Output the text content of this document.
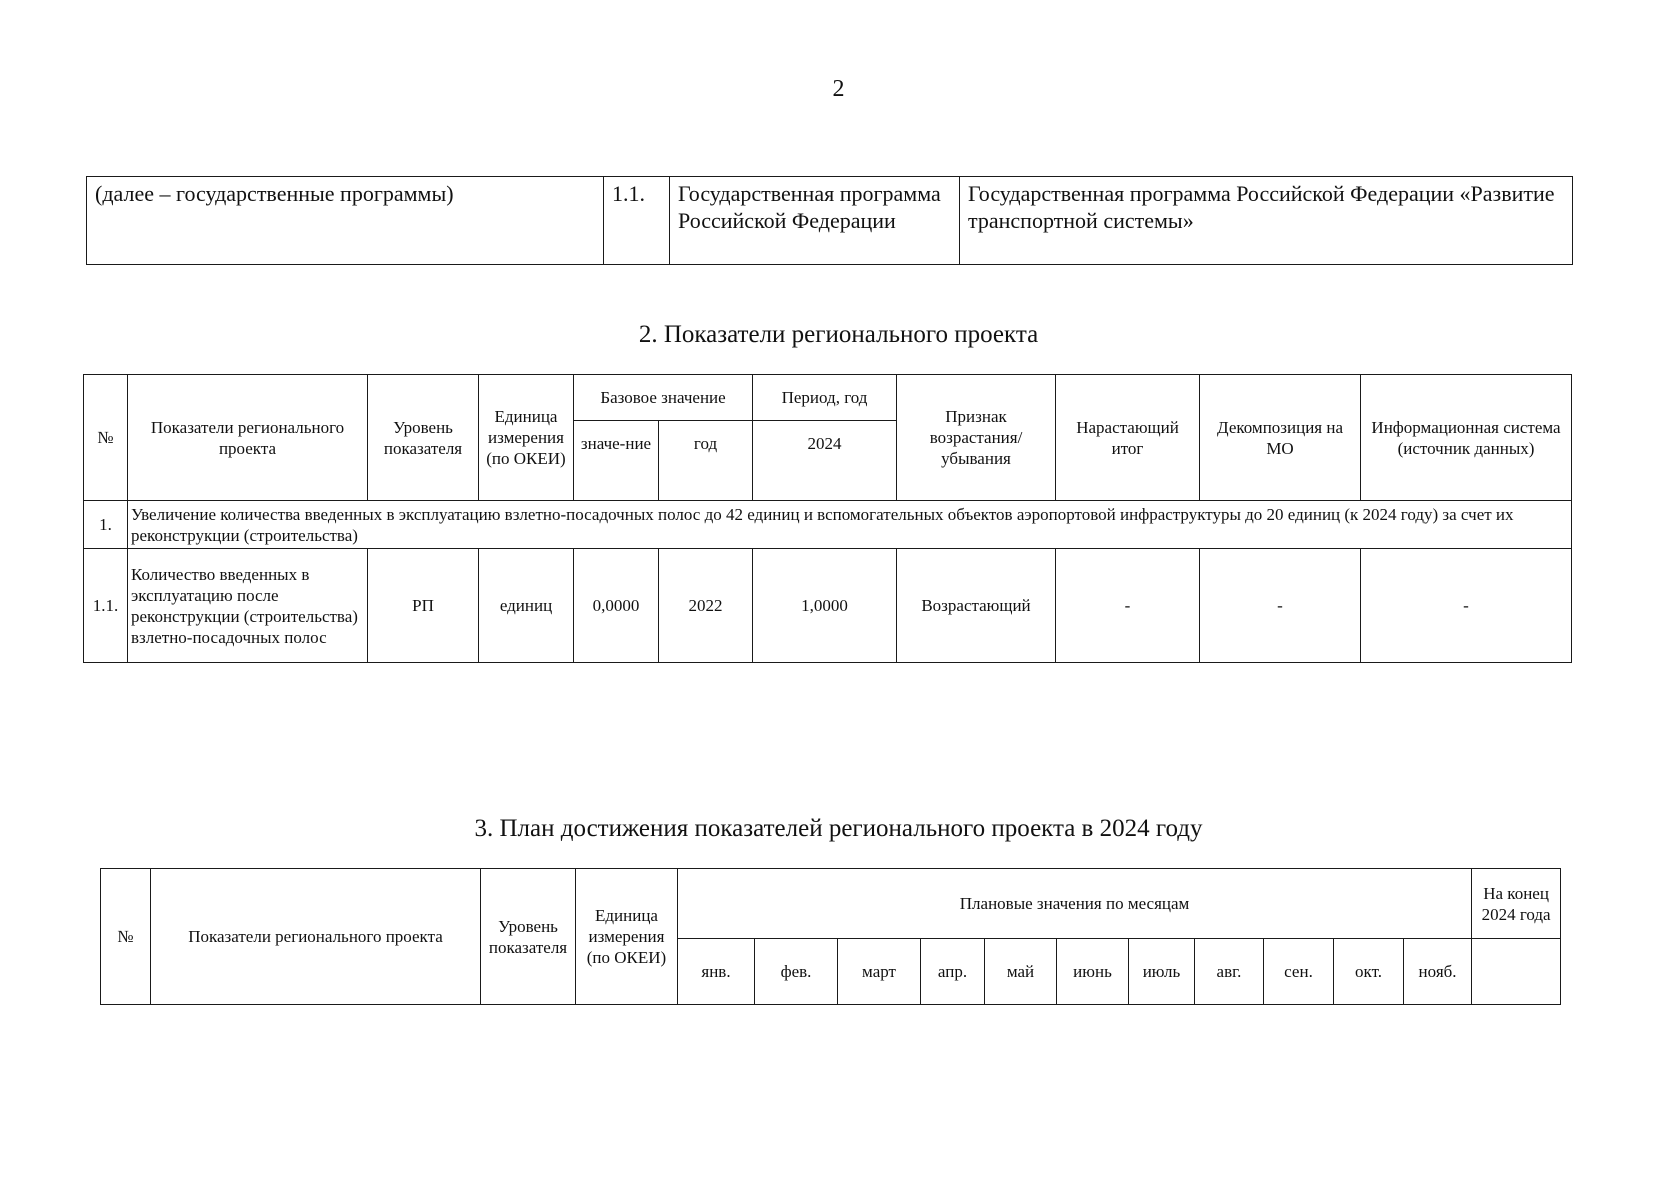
2
(далее – государственные программы)	1.1.	Государственная программа Российской Федерации	Государственная программа Российской Федерации «Развитие транспортной системы»
2. Показатели регионального проекта
№	Показатели регионального проекта	Уровень показателя	Единица измерения (по ОКЕИ)	Базовое значение		Период, год	Признак возрастания/ убывания	Нарастающий итог	Декомпозиция на МО	Информационная система (источник данных)
				значе-ние	год	2024				
1.	Увеличение количества введенных в эксплуатацию взлетно-посадочных полос до 42 единиц и вспомогательных объектов аэропортовой инфраструктуры до 20 единиц (к 2024 году) за счет их реконструкции (строительства)									
1.1.	Количество введенных в эксплуатацию после реконструкции (строительства) взлетно-посадочных полос	РП	единиц	0,0000	2022	1,0000	Возрастающий	-	-	-
3. План достижения показателей регионального проекта в 2024 году
№	Показатели регионального проекта	Уровень показателя	Единица измерения (по ОКЕИ)	Плановые значения по месяцам											На конец 2024 года
				янв.	фев.	март	апр.	май	июнь	июль	авг.	сен.	окт.	нояб.	
